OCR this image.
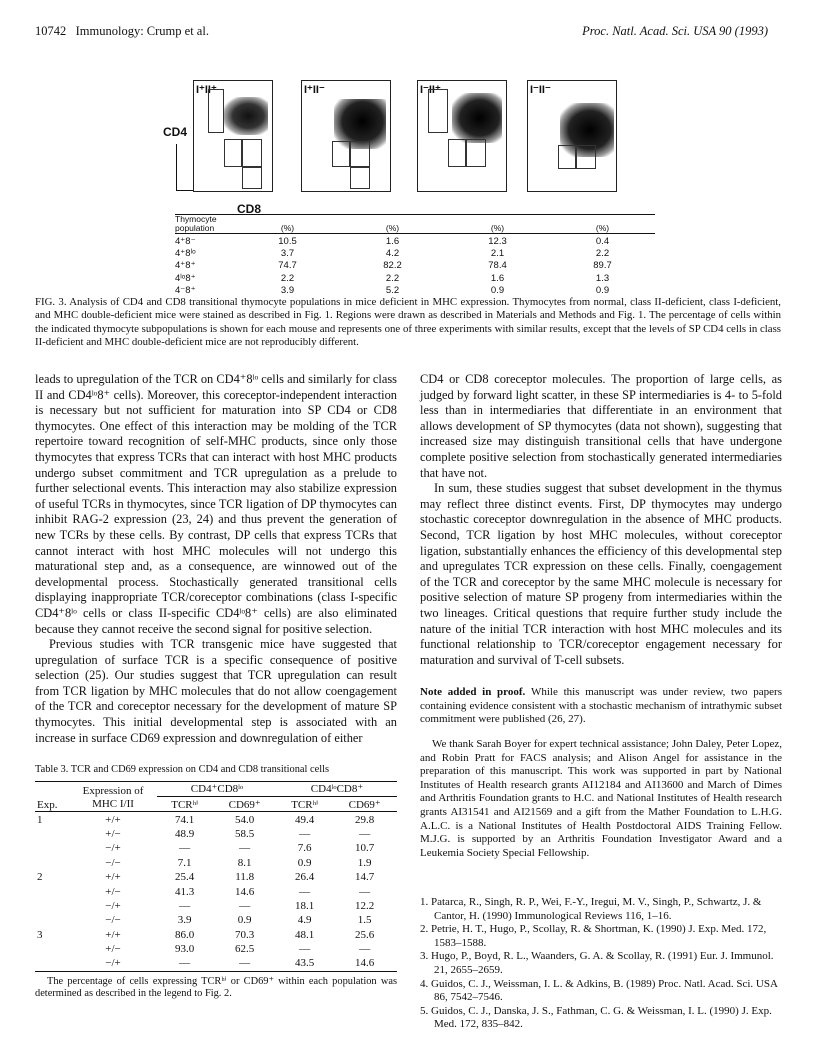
10742 Immunology: Crump et al.	Proc. Natl. Acad. Sci. USA 90 (1993)
CD4
CD8
I⁺II⁺	I⁺II⁻	I⁻II⁺	I⁻II⁻
Thymocyte population	(%)	(%)	(%)	(%)

4⁺8⁻	10.5	1.6	12.3	0.4
4⁺8ˡᵒ	3.7	4.2	2.1	2.2
4⁺8⁺	74.7	82.2	78.4	89.7
4ˡᵒ8⁺	2.2	2.2	1.6	1.3
4⁻8⁺	3.9	5.2	0.9	0.9
FIG. 3. Analysis of CD4 and CD8 transitional thymocyte populations in mice deficient in MHC expression. Thymocytes from normal, class II-deficient, class I-deficient, and MHC double-deficient mice were stained as described in Fig. 1. Regions were drawn as described in Materials and Methods and Fig. 1. The percentage of cells within the indicated thymocyte subpopulations is shown for each mouse and represents one of three experiments with similar results, except that the levels of SP CD4 cells in class II-deficient and MHC double-deficient mice are not reproducibly different.
leads to upregulation of the TCR on CD4⁺8ˡᵒ cells and similarly for class II and CD4ˡᵒ8⁺ cells). Moreover, this coreceptor-independent interaction is necessary but not sufficient for maturation into SP CD4 or CD8 thymocytes. One effect of this interaction may be molding of the TCR repertoire toward recognition of self-MHC products, since only those thymocytes that express TCRs that can interact with host MHC products undergo subset commitment and TCR upregulation as a prelude to further selectional events. This interaction may also stabilize expression of useful TCRs in thymocytes, since TCR ligation of DP thymocytes can inhibit RAG-2 expression (23, 24) and thus prevent the generation of new TCRs by these cells. By contrast, DP cells that express TCRs that cannot interact with host MHC molecules will not undergo this maturational step and, as a consequence, are winnowed out of the developmental process. Stochastically generated transitional cells displaying inappropriate TCR/coreceptor combinations (class I-specific CD4⁺8ˡᵒ cells or class II-specific CD4ˡᵒ8⁺ cells) are also eliminated because they cannot receive the second signal for positive selection.
Previous studies with TCR transgenic mice have suggested that upregulation of surface TCR is a specific consequence of positive selection (25). Our studies suggest that TCR upregulation can result from TCR ligation by MHC molecules that do not allow coengagement of the TCR and coreceptor necessary for the development of mature SP thymocytes. This initial developmental step is associated with an increase in surface CD69 expression and downregulation of either
Table 3. TCR and CD69 expression on CD4 and CD8 transitional cells
Exp.	Expression of MHC I/II	CD4⁺CD8ˡᵒ		CD4ˡᵒCD8⁺	
		TCRʰⁱ	CD69⁺	TCRʰⁱ	CD69⁺
1	+/+	74.1	54.0	49.4	29.8
	+/−	48.9	58.5	—	—
	−/+	—	—	7.6	10.7
	−/−	7.1	8.1	0.9	1.9
2	+/+	25.4	11.8	26.4	14.7
	+/−	41.3	14.6	—	—
	−/+	—	—	18.1	12.2
	−/−	3.9	0.9	4.9	1.5
3	+/+	86.0	70.3	48.1	25.6
	+/−	93.0	62.5	—	—
	−/+	—	—	43.5	14.6
The percentage of cells expressing TCRʰⁱ or CD69⁺ within each population was determined as described in the legend to Fig. 2.
CD4 or CD8 coreceptor molecules. The proportion of large cells, as judged by forward light scatter, in these SP intermediaries is 4- to 5-fold less than in intermediaries that differentiate in an environment that allows development of SP thymocytes (data not shown), suggesting that increased size may distinguish transitional cells that have undergone complete positive selection from stochastically generated intermediaries that have not.
In sum, these studies suggest that subset development in the thymus may reflect three distinct events. First, DP thymocytes may undergo stochastic coreceptor downregulation in the absence of MHC products. Second, TCR ligation by host MHC molecules, without coreceptor ligation, substantially enhances the efficiency of this developmental step and upregulates TCR expression on these cells. Finally, coengagement of the TCR and coreceptor by the same MHC molecule is necessary for positive selection of mature SP progeny from intermediaries within the two lineages. Critical questions that require further study include the nature of the initial TCR interaction with host MHC molecules and its functional relationship to TCR/coreceptor engagement necessary for maturation and survival of T-cell subsets.
Note added in proof. While this manuscript was under review, two papers containing evidence consistent with a stochastic mechanism of intrathymic subset commitment were published (26, 27).
We thank Sarah Boyer for expert technical assistance; John Daley, Peter Lopez, and Robin Pratt for FACS analysis; and Alison Angel for assistance in the preparation of this manuscript. This work was supported in part by National Institutes of Health research grants AI12184 and AI13600 and March of Dimes and Arthritis Foundation grants to H.C. and National Institutes of Health research grants AI31541 and AI21569 and a gift from the Mather Foundation to L.H.G. A.L.C. is a National Institutes of Health Postdoctoral AIDS Training Fellow. M.J.G. is supported by an Arthritis Foundation Investigator Award and a Leukemia Society Special Fellowship.
1. Patarca, R., Singh, R. P., Wei, F.-Y., Iregui, M. V., Singh, P., Schwartz, J. & Cantor, H. (1990) Immunological Reviews 116, 1–16.
2. Petrie, H. T., Hugo, P., Scollay, R. & Shortman, K. (1990) J. Exp. Med. 172, 1583–1588.
3. Hugo, P., Boyd, R. L., Waanders, G. A. & Scollay, R. (1991) Eur. J. Immunol. 21, 2655–2659.
4. Guidos, C. J., Weissman, I. L. & Adkins, B. (1989) Proc. Natl. Acad. Sci. USA 86, 7542–7546.
5. Guidos, C. J., Danska, J. S., Fathman, C. G. & Weissman, I. L. (1990) J. Exp. Med. 172, 835–842.
